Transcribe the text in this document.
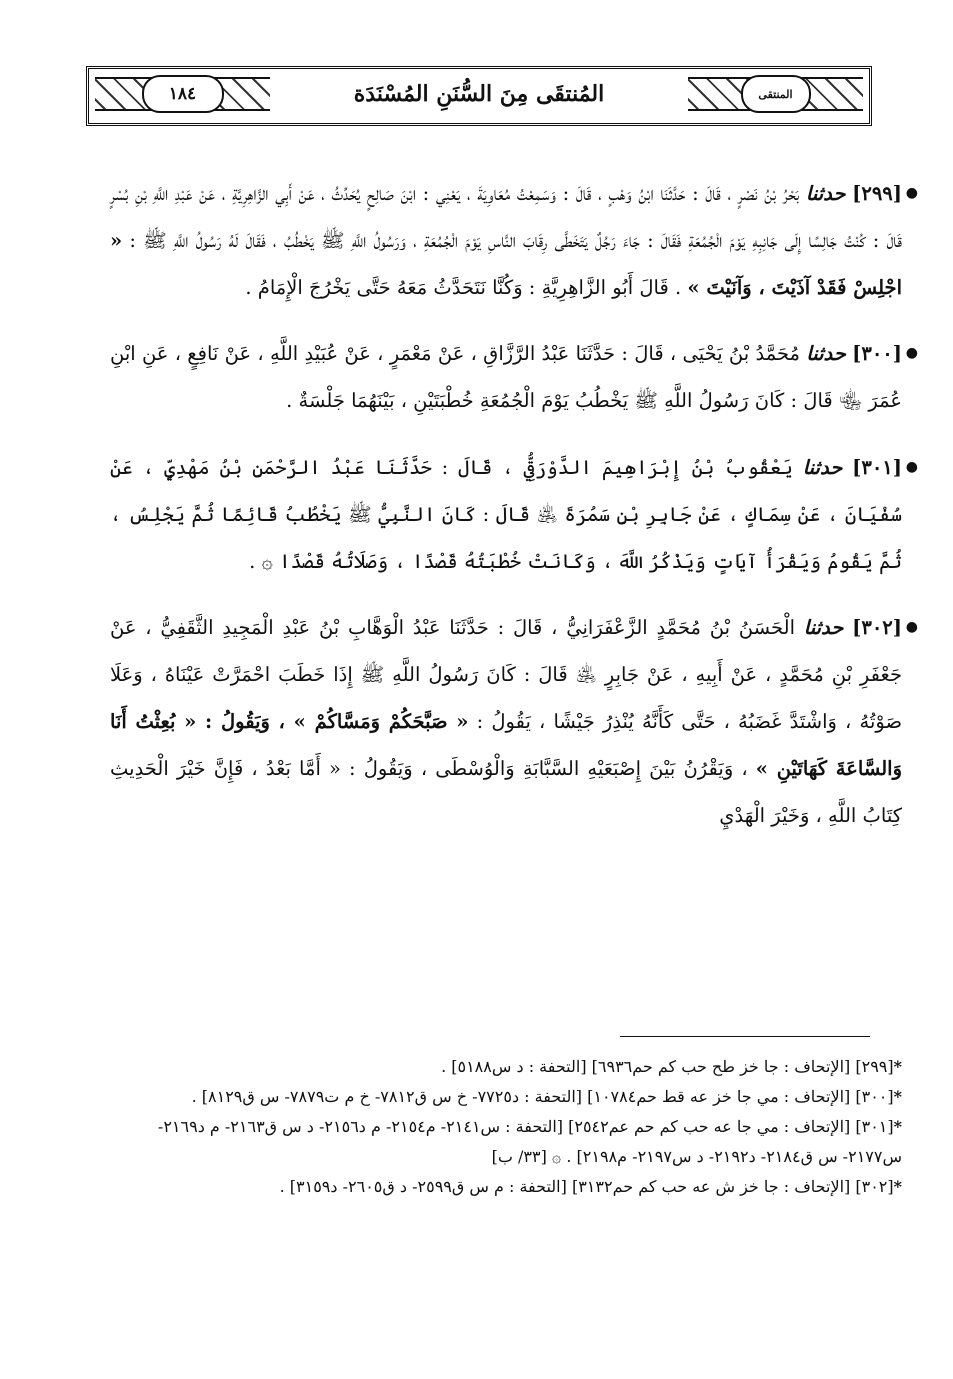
١٨٤	المُنتقَى مِنَ السُّنَنِ المُسْنَدَة	المنتقى

●
[٢٩٩] حدثنا بَحْرُ بْنُ نَصْرٍ ، قَالَ : حَدَّثَنَا ابْنُ وَهْبٍ ، قَالَ : وَسَمِعْتُ مُعَاوِيَةَ ، يَعْنِي : ابْنَ صَالِحٍ يُحَدِّثُ ، عَنْ أَبِي الزَّاهِرِيَّةِ ، عَنْ عَبْدِ اللَّهِ بْنِ بُسْرٍ قَالَ : كُنْتُ جَالِسًا إِلَى جَانِبِهِ يَوْمَ الْجُمُعَةِ فَقَالَ : جَاءَ رَجُلٌ يَتَخَطَّى رِقَابَ النَّاسِ يَوْمَ الْجُمُعَةِ ، وَرَسُولُ اللَّهِ ﷺ يَخْطُبُ ، فَقَالَ لَهُ رَسُولُ اللَّهِ ﷺ : « اجْلِسْ فَقَدْ آذَيْتَ ، وَآنَيْتَ » . قَالَ أَبُو الزَّاهِرِيَّةِ : وَكُنَّا نَتَحَدَّثُ مَعَهُ حَتَّى يَخْرُجَ الْإِمَامُ .

●
[٣٠٠] حدثنا مُحَمَّدُ بْنُ يَحْيَى ، قَالَ : حَدَّثَنَا عَبْدُ الرَّزَّاقِ ، عَنْ مَعْمَرٍ ، عَنْ عُبَيْدِ اللَّهِ ، عَنْ نَافِعٍ ، عَنِ ابْنِ عُمَرَ ﵄ قَالَ : كَانَ رَسُولُ اللَّهِ ﷺ يَخْطُبُ يَوْمَ الْجُمُعَةِ خُطْبَتَيْنِ ، بَيْنَهُمَا جَلْسَةٌ .

●
[٣٠١] حدثنا يَعْقُوبُ بْنُ إِبْرَاهِيمَ الدَّوْرَقِيُّ ، قَالَ : حَدَّثَنَا عَبْدُ الرَّحْمَنِ بْنُ مَهْدِيٍّ ، عَنْ سُفْيَانَ ، عَنْ سِمَاكٍ ، عَنْ جَابِرِ بْنِ سَمُرَةَ ﵁ قَالَ : كَانَ النَّبِيُّ ﷺ يَخْطُبُ قَائِمًا ثُمَّ يَجْلِسُ ، ثُمَّ يَقُومُ وَيَقْرَأُ آيَاتٍ وَيَذْكُرُ اللَّهَ ، وَكَانَتْ خُطْبَتُهُ قَصْدًا ، وَصَلَاتُهُ قَصْدًا ۞ .

●
[٣٠٢] حدثنا الْحَسَنُ بْنُ مُحَمَّدٍ الزَّعْفَرَانِيُّ ، قَالَ : حَدَّثَنَا عَبْدُ الْوَهَّابِ بْنُ عَبْدِ الْمَجِيدِ الثَّقَفِيُّ ، عَنْ جَعْفَرِ بْنِ مُحَمَّدٍ ، عَنْ أَبِيهِ ، عَنْ جَابِرٍ ﵁ قَالَ : كَانَ رَسُولُ اللَّهِ ﷺ إِذَا خَطَبَ احْمَرَّتْ عَيْنَاهُ ، وَعَلَا صَوْتُهُ ، وَاشْتَدَّ غَضَبُهُ ، حَتَّى كَأَنَّهُ يُنْذِرُ جَيْشًا ، يَقُولُ : « صَبَّحَكُمْ وَمَسَّاكُمْ » ، وَيَقُولُ : « بُعِثْتُ أَنَا وَالسَّاعَةَ كَهَاتَيْنِ » ، وَيَقْرُنُ بَيْنَ إِصْبَعَيْهِ السَّبَّابَةِ وَالْوُسْطَى ، وَيَقُولُ : « أَمَّا بَعْدُ ، فَإِنَّ خَيْرَ الْحَدِيثِ كِتَابُ اللَّهِ ، وَخَيْرَ الْهَدْيِ

*[٢٩٩] [الإتحاف : جا خز طح حب كم حم٦٩٣٦] [التحفة : د س٥١٨٨] .
*[٣٠٠] [الإتحاف : مي جا خز عه قط حم١٠٧٨٤] [التحفة : د٧٧٢٥- خ س ق٧٨١٢- خ م ت٧٨٧٩- س ق٨١٢٩] .
*[٣٠١] [الإتحاف : مي جا عه حب كم حم عم٢٥٤٢] [التحفة : س٢١٤١- م٢١٥٤- م د٢١٥٦- د س ق٢١٦٣- م د٢١٦٩- س٢١٧٧- س ق٢١٨٤- د٢١٩٢- د س٢١٩٧- م٢١٩٨] . ۞ [٣٣/ ب]
*[٣٠٢] [الإتحاف : جا خز ش عه حب كم حم٣١٣٢] [التحفة : م س ق٢٥٩٩- د ق٢٦٠٥- د٣١٥٩] .
